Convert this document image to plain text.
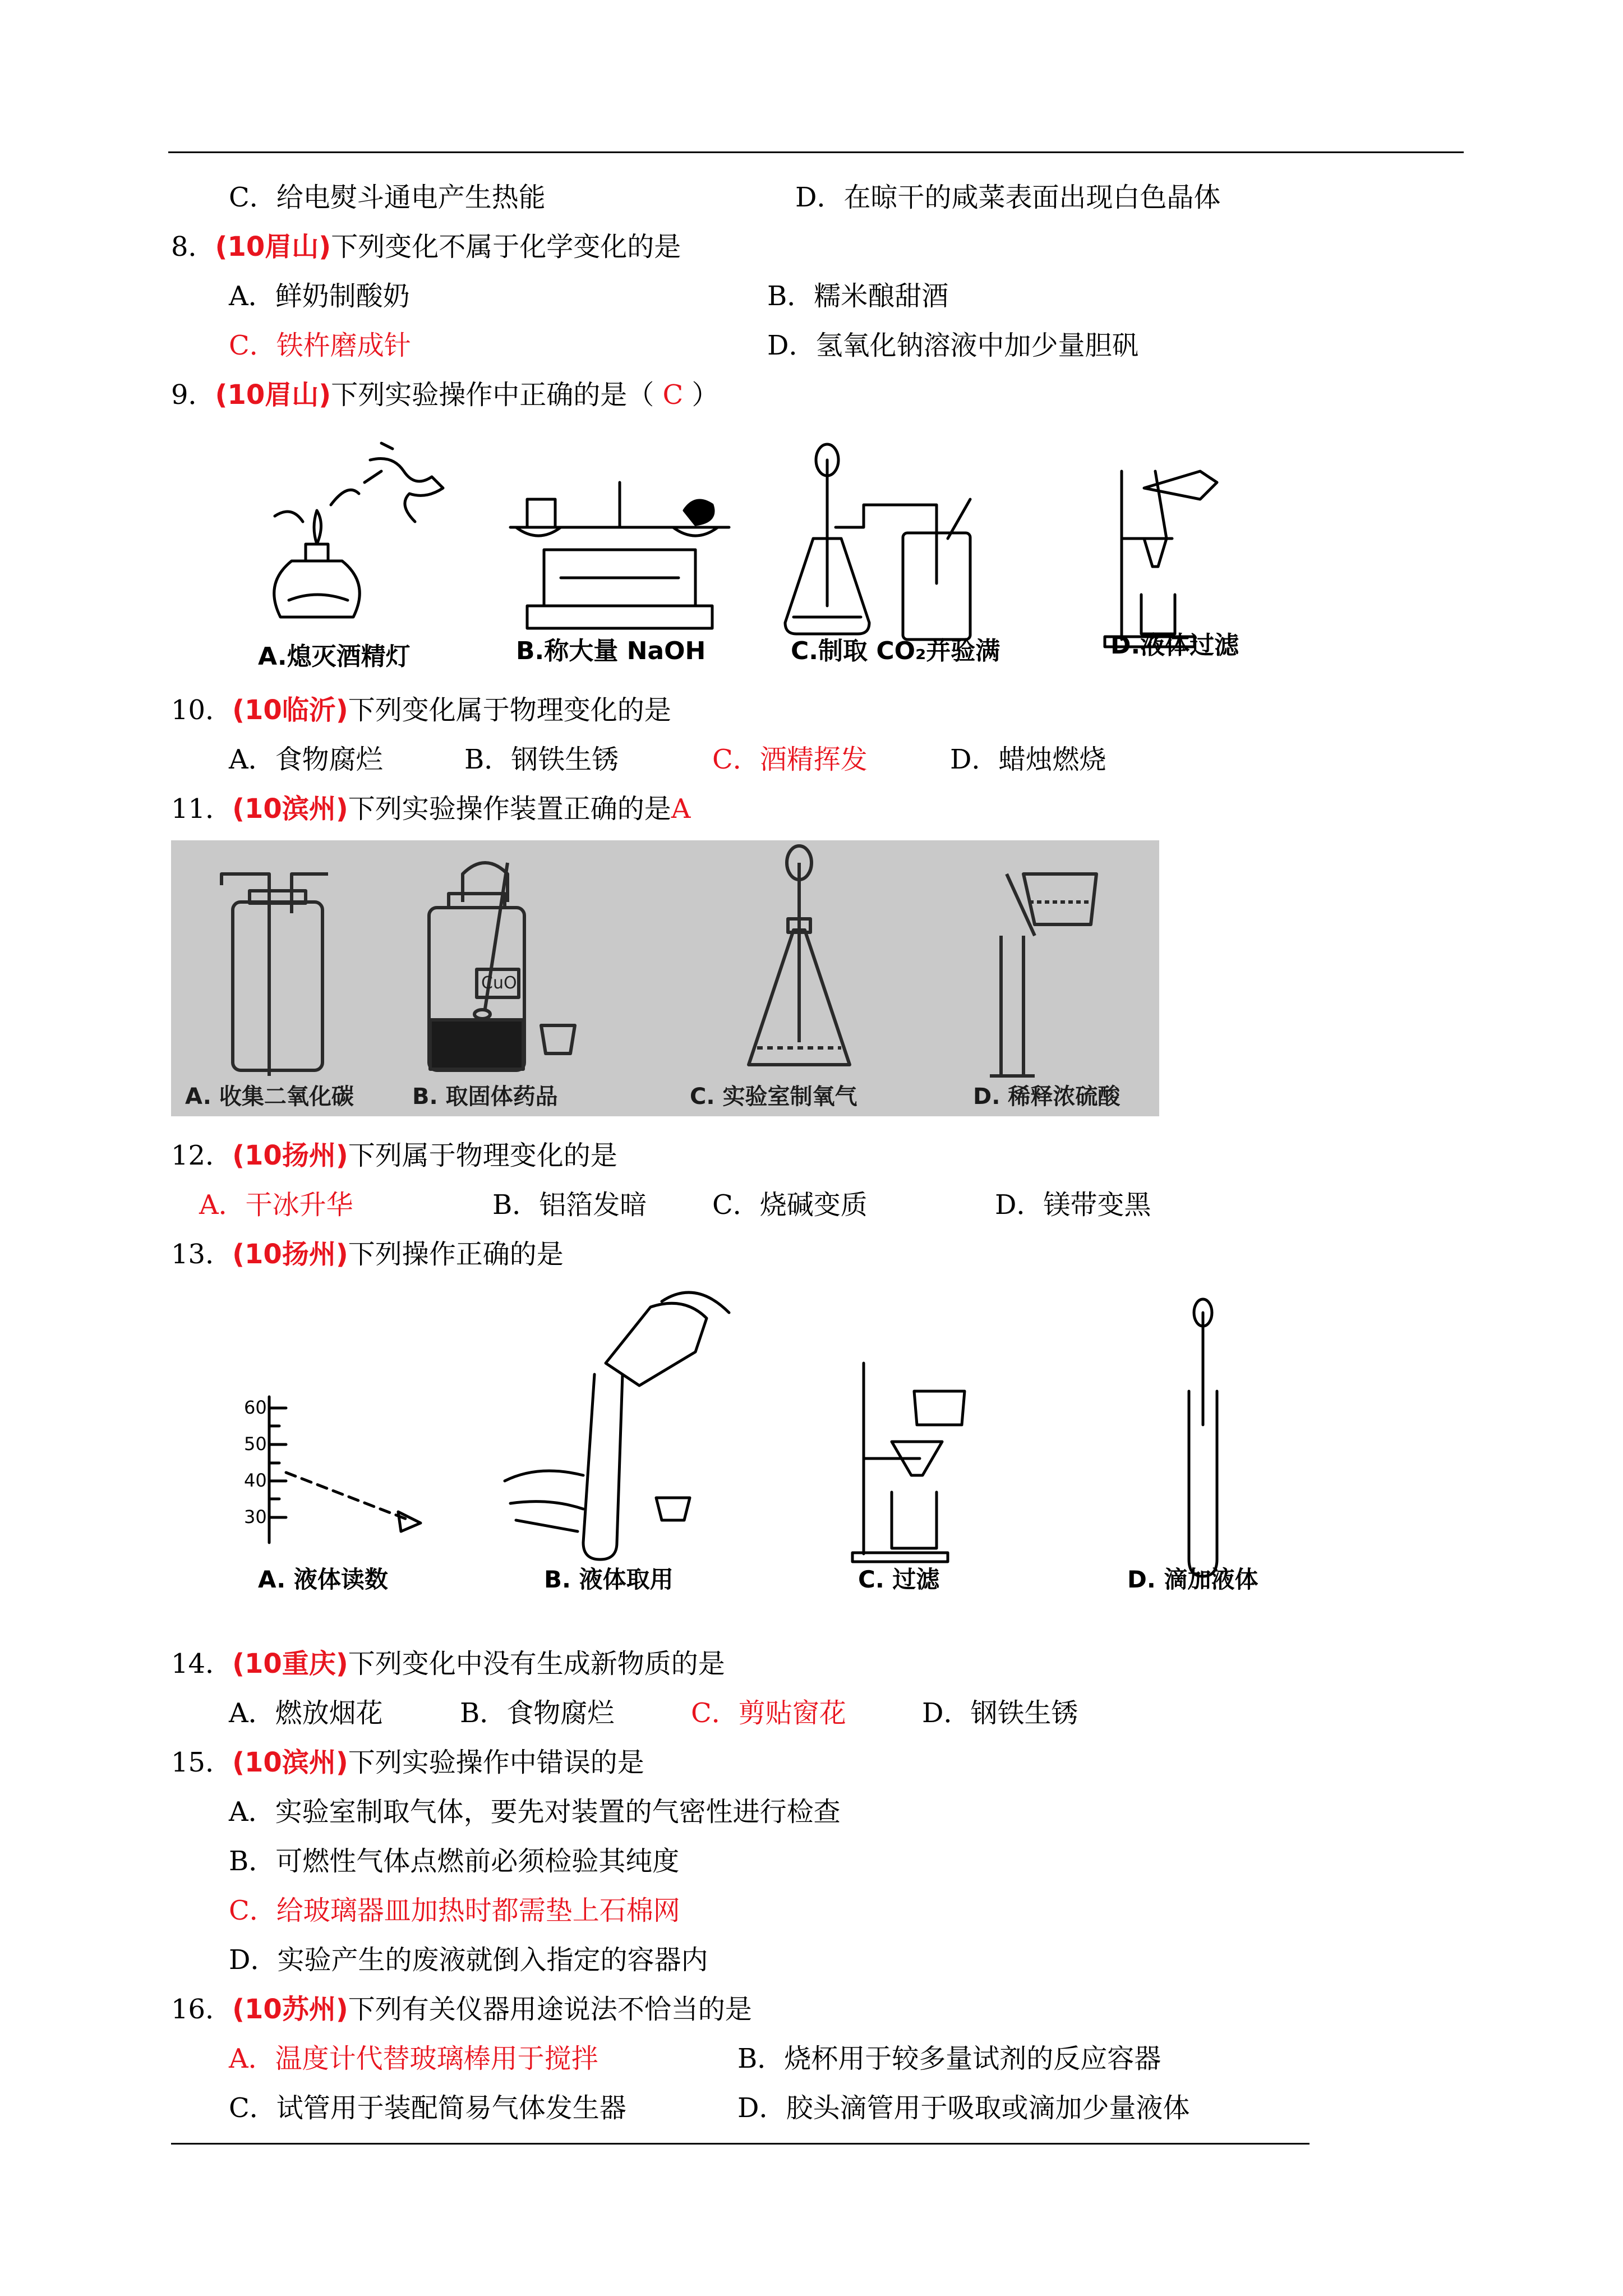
C．给电熨斗通电产生热能	D．在晾干的咸菜表面出现白色晶体
8．(10眉山)下列变化不属于化学变化的是
A．鲜奶制酸奶	B．糯米酿甜酒
C．铁杵磨成针	D．氢氧化钠溶液中加少量胆矾
9．(10眉山)下列实验操作中正确的是（ C ）
A.熄灭酒精灯	B.称大量 NaOH	C.制取 CO₂并验满	D.液体过滤
10．(10临沂)下列变化属于物理变化的是
A．食物腐烂	B．钢铁生锈	C．酒精挥发	D．蜡烛燃烧
11．(10滨州)下列实验操作装置正确的是A
CuO
A. 收集二氧化碳	B. 取固体药品	C. 实验室制氧气	D. 稀释浓硫酸
12．(10扬州)下列属于物理变化的是
A．干冰升华	B．铝箔发暗 C．烧碱变质	D．镁带变黑
13．(10扬州)下列操作正确的是
60
50
40
30
A. 液体读数	B. 液体取用	C. 过滤	D. 滴加液体
14．(10重庆)下列变化中没有生成新物质的是
A．燃放烟花	B．食物腐烂	C．剪贴窗花	D．钢铁生锈
15．(10滨州)下列实验操作中错误的是
A．实验室制取气体，要先对装置的气密性进行检查
B．可燃性气体点燃前必须检验其纯度
C．给玻璃器皿加热时都需垫上石棉网
D．实验产生的废液就倒入指定的容器内
16．(10苏州)下列有关仪器用途说法不恰当的是
A．温度计代替玻璃棒用于搅拌	B．烧杯用于较多量试剂的反应容器
C．试管用于装配简易气体发生器	D．胶头滴管用于吸取或滴加少量液体
